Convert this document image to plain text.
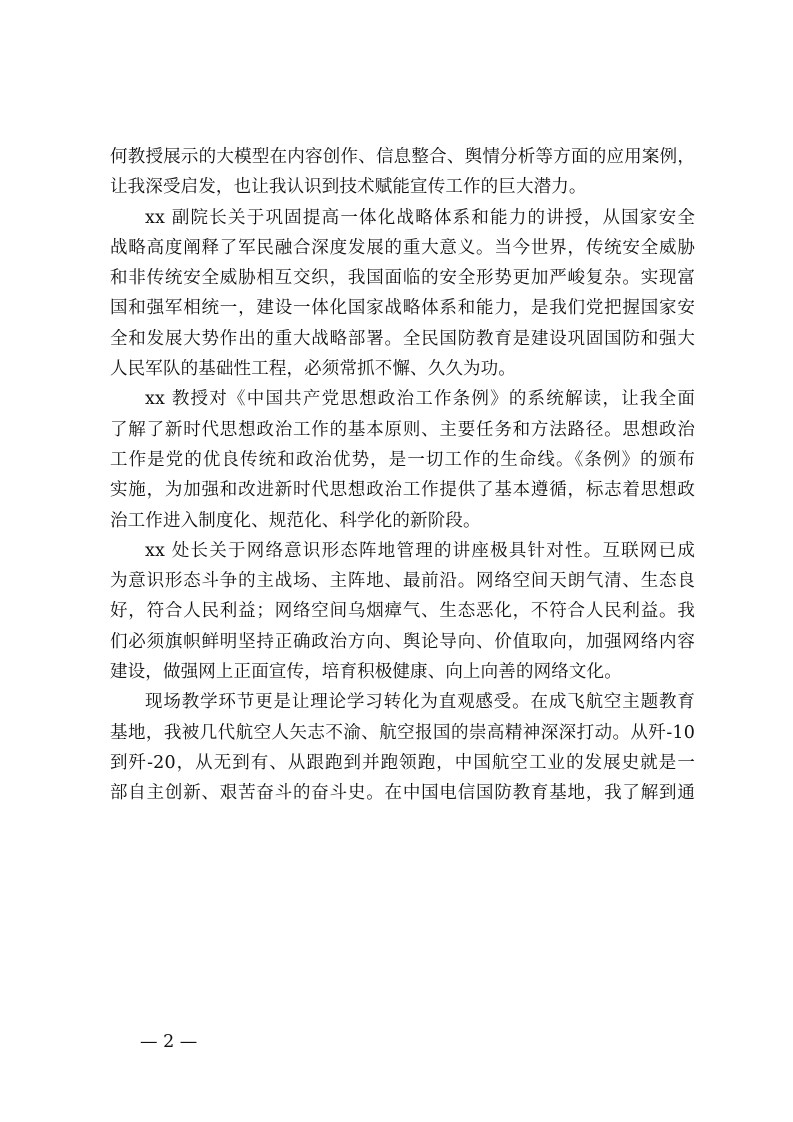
何教授展示的大模型在内容创作、信息整合、舆情分析等方面的应用案例，
让我深受启发，也让我认识到技术赋能宣传工作的巨大潜力。

xx 副院长关于巩固提高一体化战略体系和能力的讲授，从国家安全
战略高度阐释了军民融合深度发展的重大意义。当今世界，传统安全威胁
和非传统安全威胁相互交织，我国面临的安全形势更加严峻复杂。实现富
国和强军相统一，建设一体化国家战略体系和能力，是我们党把握国家安
全和发展大势作出的重大战略部署。全民国防教育是建设巩固国防和强大
人民军队的基础性工程，必须常抓不懈、久久为功。

xx 教授对《中国共产党思想政治工作条例》的系统解读，让我全面
了解了新时代思想政治工作的基本原则、主要任务和方法路径。思想政治
工作是党的优良传统和政治优势，是一切工作的生命线。《条例》的颁布
实施，为加强和改进新时代思想政治工作提供了基本遵循，标志着思想政
治工作进入制度化、规范化、科学化的新阶段。

xx 处长关于网络意识形态阵地管理的讲座极具针对性。互联网已成
为意识形态斗争的主战场、主阵地、最前沿。网络空间天朗气清、生态良
好，符合人民利益；网络空间乌烟瘴气、生态恶化，不符合人民利益。我
们必须旗帜鲜明坚持正确政治方向、舆论导向、价值取向，加强网络内容
建设，做强网上正面宣传，培育积极健康、向上向善的网络文化。

现场教学环节更是让理论学习转化为直观感受。在成飞航空主题教育
基地，我被几代航空人矢志不渝、航空报国的崇高精神深深打动。从歼-10
到歼-20，从无到有、从跟跑到并跑领跑，中国航空工业的发展史就是一
部自主创新、艰苦奋斗的奋斗史。在中国电信国防教育基地，我了解到通

— 2 —
